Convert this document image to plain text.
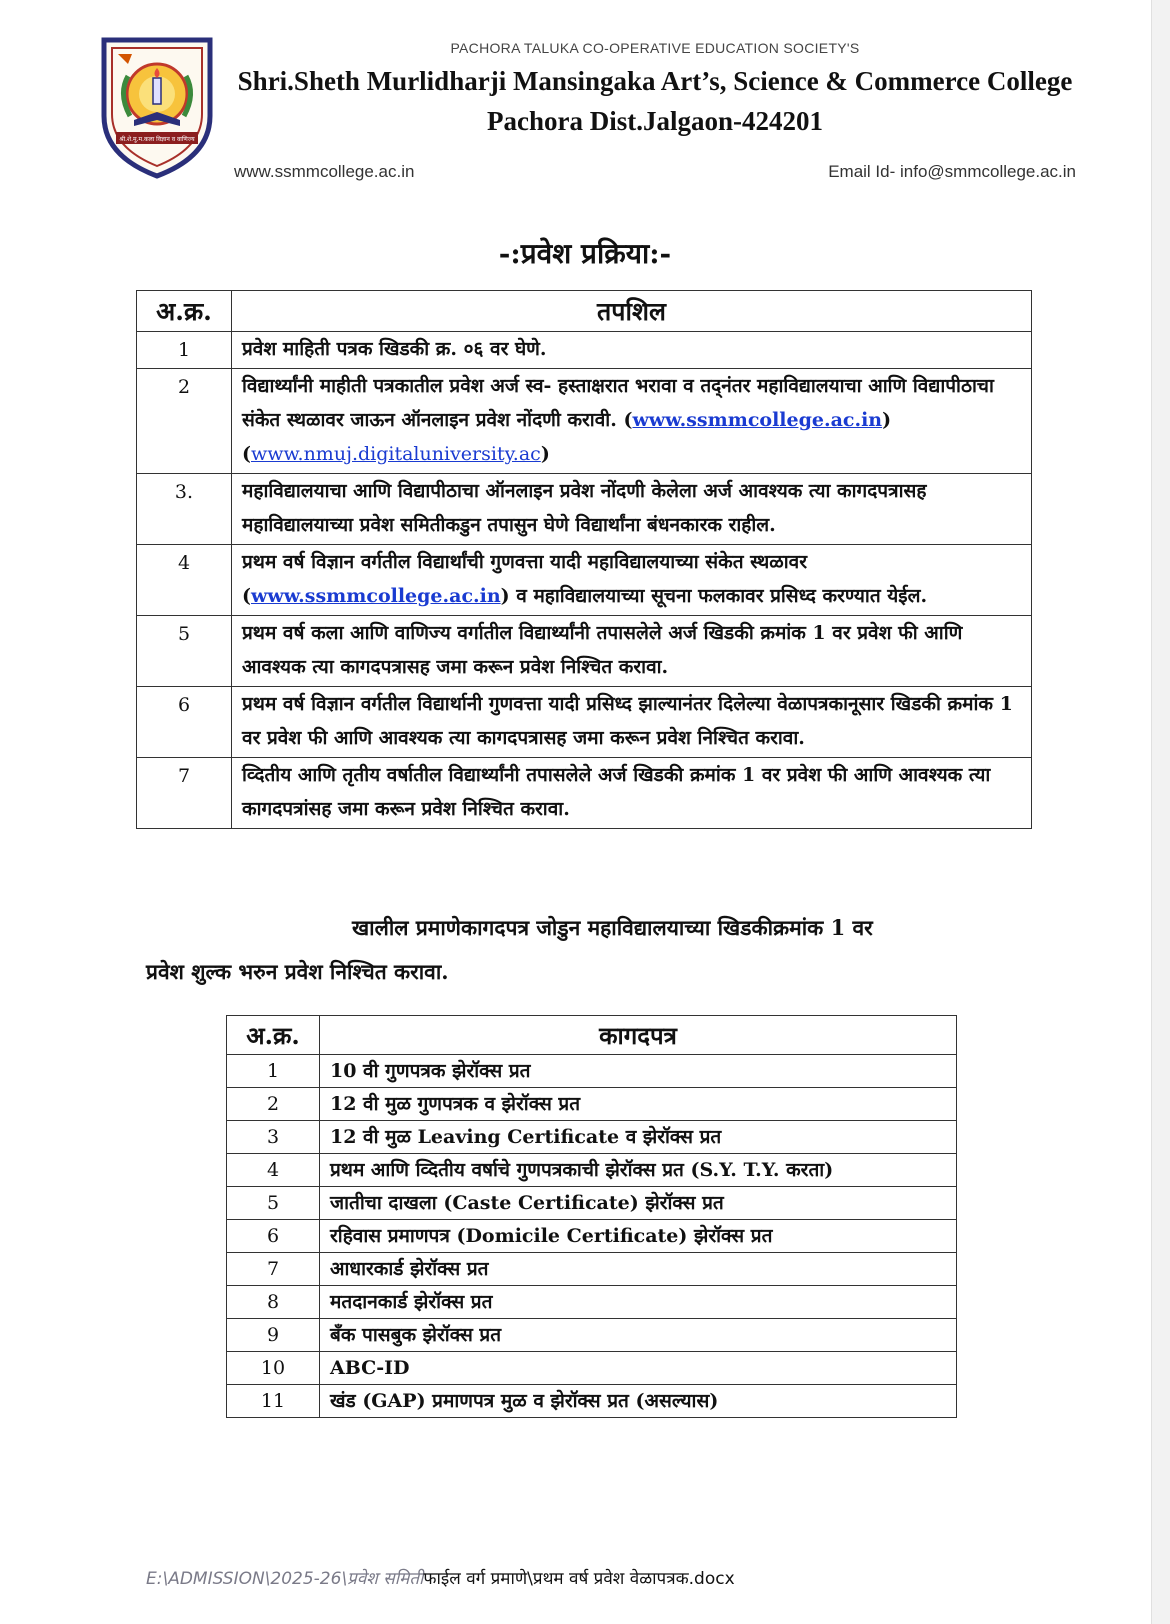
श्री.शे.मु.म.कला विज्ञान व वाणिज्य
PACHORA TALUKA CO-OPERATIVE EDUCATION SOCIETY'S
Shri.Sheth Murlidharji Mansingaka Art’s, Science & Commerce College
Pachora Dist.Jalgaon-424201
www.ssmmcollege.ac.in	Email Id- info@smmcollege.ac.in
-:प्रवेश प्रक्रिया:-
अ.क्र.	तपशिल
1	प्रवेश माहिती पत्रक खिडकी क्र. ०६ वर घेणे.
2	विद्यार्थ्यांनी माहीती पत्रकातील प्रवेश अर्ज स्व- हस्ताक्षरात भरावा व तद्नंतर महाविद्यालयाचा आणि विद्यापीठाचा संकेत स्थळावर जाऊन ऑनलाइन प्रवेश नोंदणी करावी. (www.ssmmcollege.ac.in) (www.nmuj.digitaluniversity.ac)
3.	महाविद्यालयाचा आणि विद्यापीठाचा ऑनलाइन प्रवेश नोंदणी केलेला अर्ज आवश्यक त्या कागदपत्रासह महाविद्यालयाच्या प्रवेश समितीकडुन तपासुन घेणे विद्यार्थांना बंधनकारक राहील.
4	प्रथम वर्ष विज्ञान वर्गतील विद्यार्थांची गुणवत्ता यादी महाविद्यालयाच्या संकेत स्थळावर (www.ssmmcollege.ac.in) व महाविद्यालयाच्या सूचना फलकावर प्रसिध्द करण्यात येईल.
5	प्रथम वर्ष कला आणि वाणिज्य वर्गातील विद्यार्थ्यांनी तपासलेले अर्ज खिडकी क्रमांक 1 वर प्रवेश फी आणि आवश्यक त्या कागदपत्रासह जमा करून प्रवेश निश्चित करावा.
6	प्रथम वर्ष विज्ञान वर्गतील विद्यार्थानी गुणवत्ता यादी प्रसिध्द झाल्यानंतर दिलेल्या वेळापत्रकानूसार खिडकी क्रमांक 1 वर प्रवेश फी आणि आवश्यक त्या कागदपत्रासह जमा करून प्रवेश निश्चित करावा.
7	व्दितीय आणि तृतीय वर्षातील विद्यार्थ्यांनी तपासलेले अर्ज खिडकी क्रमांक 1 वर प्रवेश फी आणि आवश्यक त्या कागदपत्रांसह जमा करून प्रवेश निश्चित करावा.
खालील प्रमाणेकागदपत्र जोडुन महाविद्यालयाच्या खिडकीक्रमांक 1 वर
प्रवेश शुल्क भरुन प्रवेश निश्चित करावा.
अ.क्र.	कागदपत्र
1	10 वी गुणपत्रक झेरॉक्स प्रत
2	12 वी मुळ गुणपत्रक व झेरॉक्स प्रत
3	12 वी मुळ Leaving Certificate व झेरॉक्स प्रत
4	प्रथम आणि व्दितीय वर्षाचे गुणपत्रकाची झेरॉक्स प्रत (S.Y. T.Y. करता)
5	जातीचा दाखला (Caste Certificate) झेरॉक्स प्रत
6	रहिवास प्रमाणपत्र (Domicile Certificate) झेरॉक्स प्रत
7	आधारकार्ड झेरॉक्स प्रत
8	मतदानकार्ड झेरॉक्स प्रत
9	बँक पासबुक झेरॉक्स प्रत
10	ABC-ID
11	खंड (GAP) प्रमाणपत्र मुळ व झेरॉक्स प्रत (असल्यास)
E:\ADMISSION\2025-26\प्रवेश समितीफाईल वर्ग प्रमाणे\प्रथम वर्ष प्रवेश वेळापत्रक.docx
